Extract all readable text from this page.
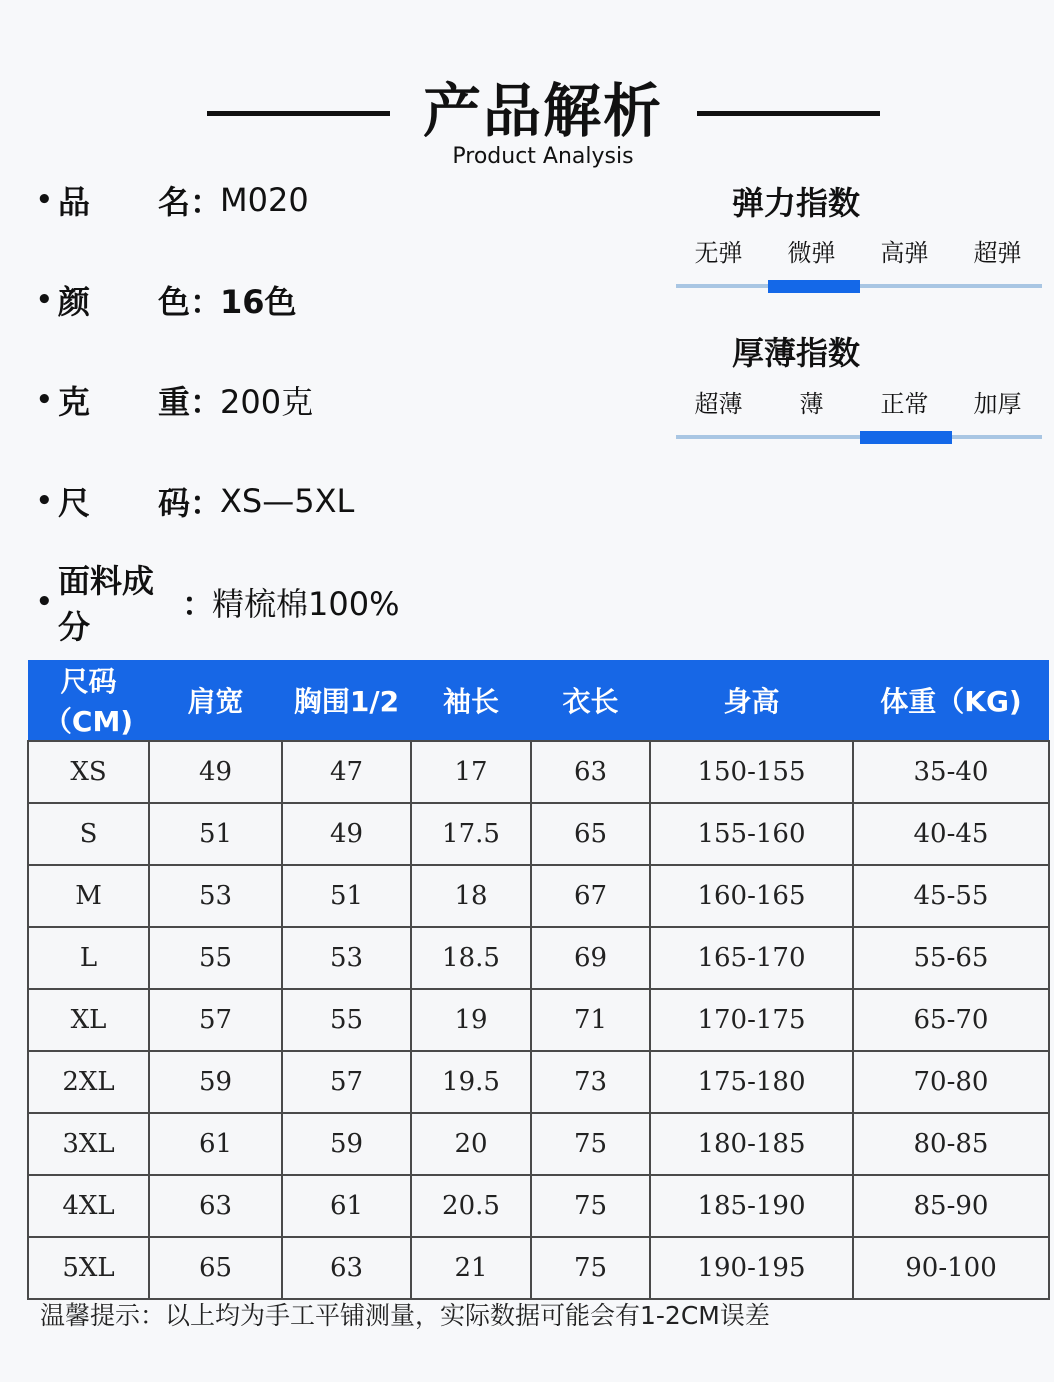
产品解析
Product Analysis
• 品 名 ：
M020
• 颜 色 ：
16色
• 克 重 ：
200克
• 尺 码 ：
XS—5XL
•
面料成分
：
精梳棉100%
弹力指数
无弹	微弹	高弹	超弹
厚薄指数
超薄	薄	正常	加厚
尺码（CM)	肩宽	胸围1/2	袖长	衣长	身高	体重（KG)
XS	49	47	17	63	150-155	35-40
S	51	49	17.5	65	155-160	40-45
M	53	51	18	67	160-165	45-55
L	55	53	18.5	69	165-170	55-65
XL	57	55	19	71	170-175	65-70
2XL	59	57	19.5	73	175-180	70-80
3XL	61	59	20	75	180-185	80-85
4XL	63	61	20.5	75	185-190	85-90
5XL	65	63	21	75	190-195	90-100
温馨提示：以上均为手工平铺测量，实际数据可能会有1-2CM误差
